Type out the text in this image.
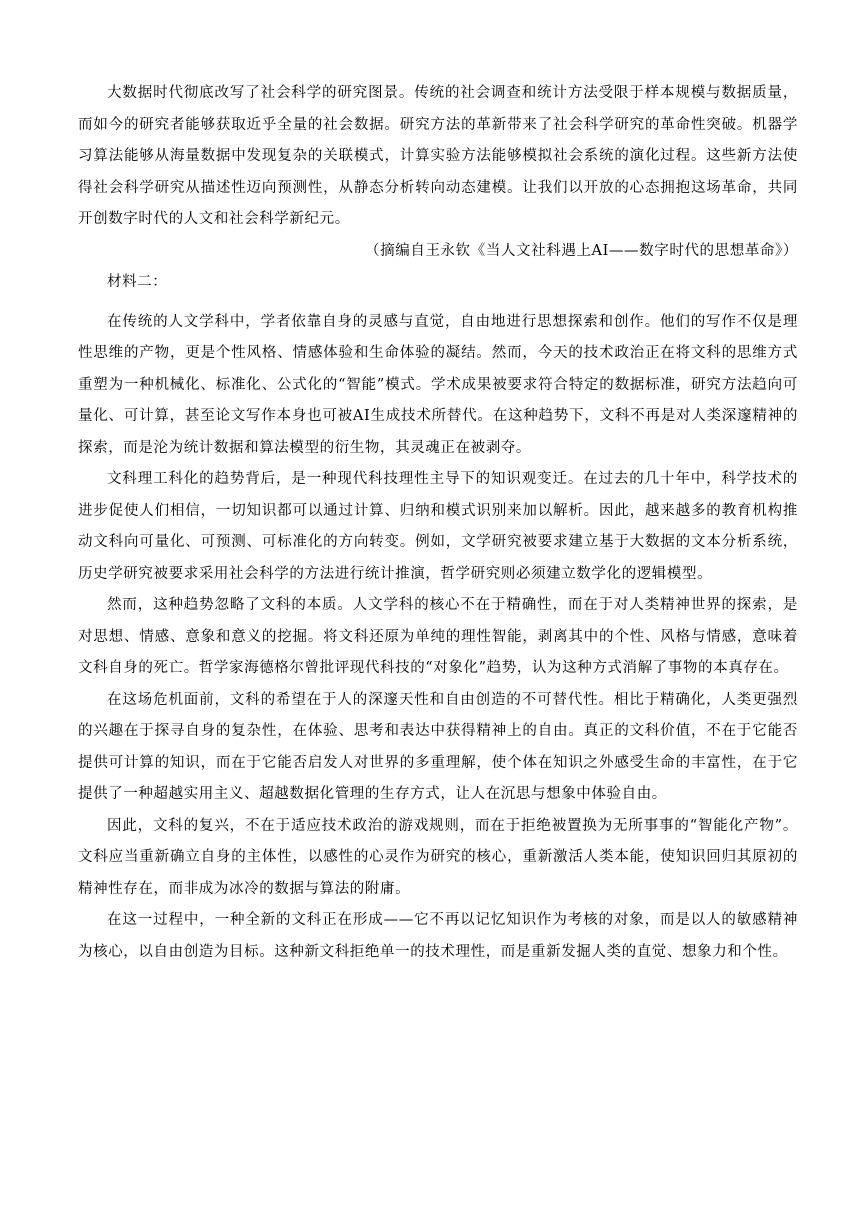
大数据时代彻底改写了社会科学的研究图景。传统的社会调查和统计方法受限于样本规模与数据质量，而如今的研究者能够获取近乎全量的社会数据。研究方法的革新带来了社会科学研究的革命性突破。机器学习算法能够从海量数据中发现复杂的关联模式，计算实验方法能够模拟社会系统的演化过程。这些新方法使得社会科学研究从描述性迈向预测性，从静态分析转向动态建模。让我们以开放的心态拥抱这场革命，共同开创数字时代的人文和社会科学新纪元。

（摘编自王永钦《当人文社科遇上AI——数字时代的思想革命》）

材料二：

在传统的人文学科中，学者依靠自身的灵感与直觉，自由地进行思想探索和创作。他们的写作不仅是理性思维的产物，更是个性风格、情感体验和生命体验的凝结。然而，今天的技术政治正在将文科的思维方式重塑为一种机械化、标准化、公式化的“智能”模式。学术成果被要求符合特定的数据标准，研究方法趋向可量化、可计算，甚至论文写作本身也可被AI生成技术所替代。在这种趋势下，文科不再是对人类深邃精神的探索，而是沦为统计数据和算法模型的衍生物，其灵魂正在被剥夺。

文科理工科化的趋势背后，是一种现代科技理性主导下的知识观变迁。在过去的几十年中，科学技术的进步促使人们相信，一切知识都可以通过计算、归纳和模式识别来加以解析。因此，越来越多的教育机构推动文科向可量化、可预测、可标准化的方向转变。例如，文学研究被要求建立基于大数据的文本分析系统，历史学研究被要求采用社会科学的方法进行统计推演，哲学研究则必须建立数学化的逻辑模型。

然而，这种趋势忽略了文科的本质。人文学科的核心不在于精确性，而在于对人类精神世界的探索，是对思想、情感、意象和意义的挖掘。将文科还原为单纯的理性智能，剥离其中的个性、风格与情感，意味着文科自身的死亡。哲学家海德格尔曾批评现代科技的“对象化”趋势，认为这种方式消解了事物的本真存在。

在这场危机面前，文科的希望在于人的深邃天性和自由创造的不可替代性。相比于精确化，人类更强烈的兴趣在于探寻自身的复杂性，在体验、思考和表达中获得精神上的自由。真正的文科价值，不在于它能否提供可计算的知识，而在于它能否启发人对世界的多重理解，使个体在知识之外感受生命的丰富性，在于它提供了一种超越实用主义、超越数据化管理的生存方式，让人在沉思与想象中体验自由。

因此，文科的复兴，不在于适应技术政治的游戏规则，而在于拒绝被置换为无所事事的“智能化产物”。文科应当重新确立自身的主体性，以感性的心灵作为研究的核心，重新激活人类本能，使知识回归其原初的精神性存在，而非成为冰冷的数据与算法的附庸。

在这一过程中，一种全新的文科正在形成——它不再以记忆知识作为考核的对象，而是以人的敏感精神为核心，以自由创造为目标。这种新文科拒绝单一的技术理性，而是重新发掘人类的直觉、想象力和个性。
